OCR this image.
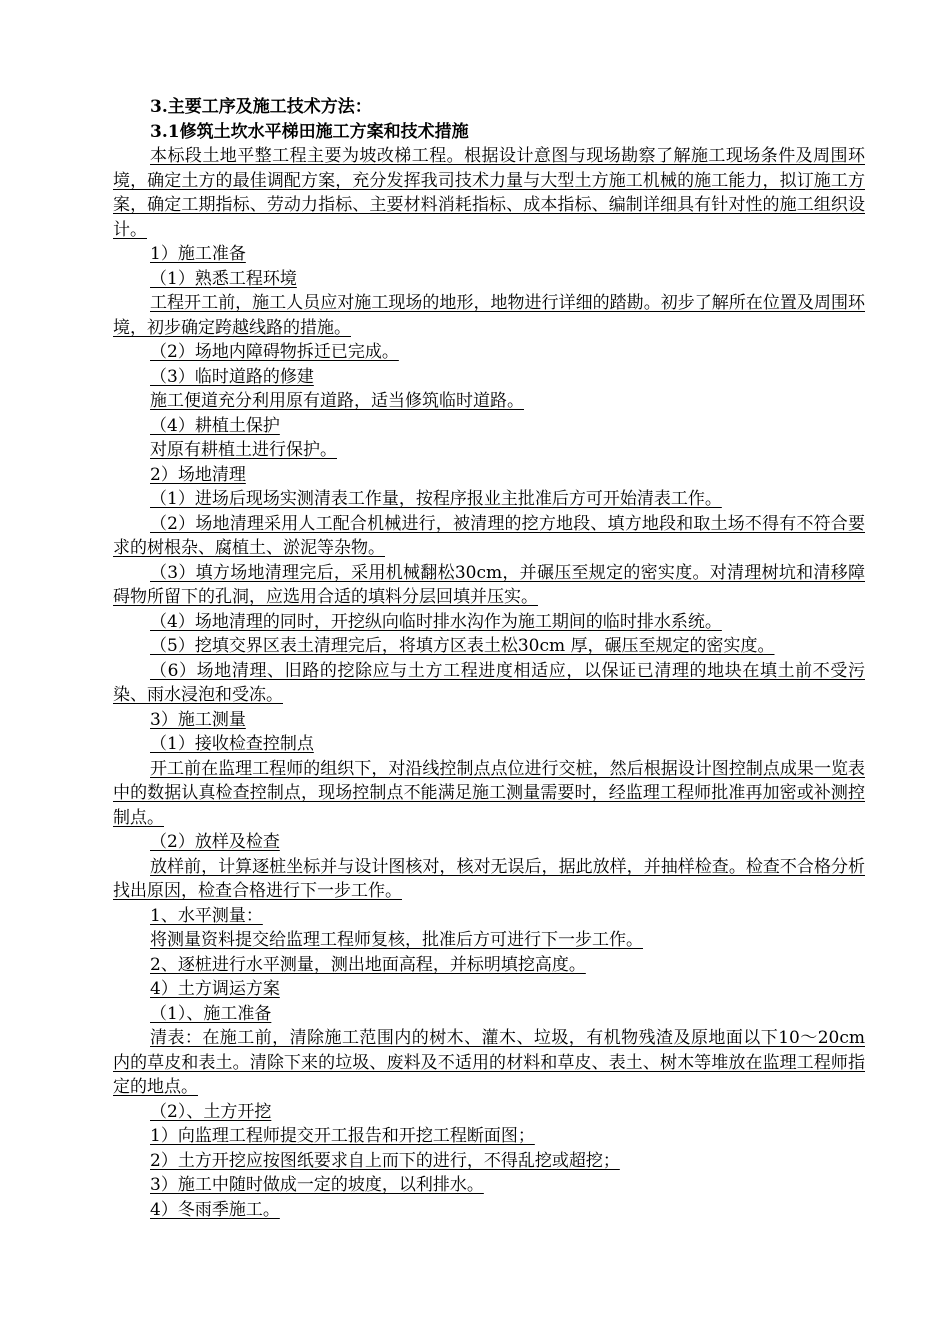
3.主要工序及施工技术方法：
3.1修筑土坎水平梯田施工方案和技术措施
本标段土地平整工程主要为坡改梯工程。根据设计意图与现场勘察了解施工现场条件及周围环境，确定土方的最佳调配方案，充分发挥我司技术力量与大型土方施工机械的施工能力，拟订施工方案，确定工期指标、劳动力指标、主要材料消耗指标、成本指标、编制详细具有针对性的施工组织设计。
1）施工准备
（1）熟悉工程环境
工程开工前，施工人员应对施工现场的地形，地物进行详细的踏勘。初步了解所在位置及周围环境，初步确定跨越线路的措施。
（2）场地内障碍物拆迁已完成。
（3）临时道路的修建
施工便道充分利用原有道路，适当修筑临时道路。
（4）耕植土保护
对原有耕植土进行保护。
2）场地清理
（1）进场后现场实测清表工作量，按程序报业主批准后方可开始清表工作。
（2）场地清理采用人工配合机械进行，被清理的挖方地段、填方地段和取土场不得有不符合要求的树根杂、腐植土、淤泥等杂物。
（3）填方场地清理完后，采用机械翻松30cm，并碾压至规定的密实度。对清理树坑和清移障碍物所留下的孔洞，应选用合适的填料分层回填并压实。
（4）场地清理的同时，开挖纵向临时排水沟作为施工期间的临时排水系统。
（5）挖填交界区表土清理完后，将填方区表土松30cm 厚，碾压至规定的密实度。
（6）场地清理、旧路的挖除应与土方工程进度相适应，以保证已清理的地块在填土前不受污染、雨水浸泡和受冻。
3）施工测量
（1）接收检查控制点
开工前在监理工程师的组织下，对沿线控制点点位进行交桩，然后根据设计图控制点成果一览表中的数据认真检查控制点，现场控制点不能满足施工测量需要时，经监理工程师批准再加密或补测控制点。
（2）放样及检查
放样前，计算逐桩坐标并与设计图核对，核对无误后，据此放样，并抽样检查。检查不合格分析找出原因，检查合格进行下一步工作。
1、水平测量：
将测量资料提交给监理工程师复核，批准后方可进行下一步工作。
2、逐桩进行水平测量，测出地面高程，并标明填挖高度。
4）土方调运方案
（1）、施工准备
清表：在施工前，清除施工范围内的树木、灌木、垃圾，有机物残渣及原地面以下10～20cm 内的草皮和表土。清除下来的垃圾、废料及不适用的材料和草皮、表土、树木等堆放在监理工程师指定的地点。
（2）、土方开挖
1）向监理工程师提交开工报告和开挖工程断面图；
2）土方开挖应按图纸要求自上而下的进行，不得乱挖或超挖；
3）施工中随时做成一定的坡度，以利排水。
4）冬雨季施工。
